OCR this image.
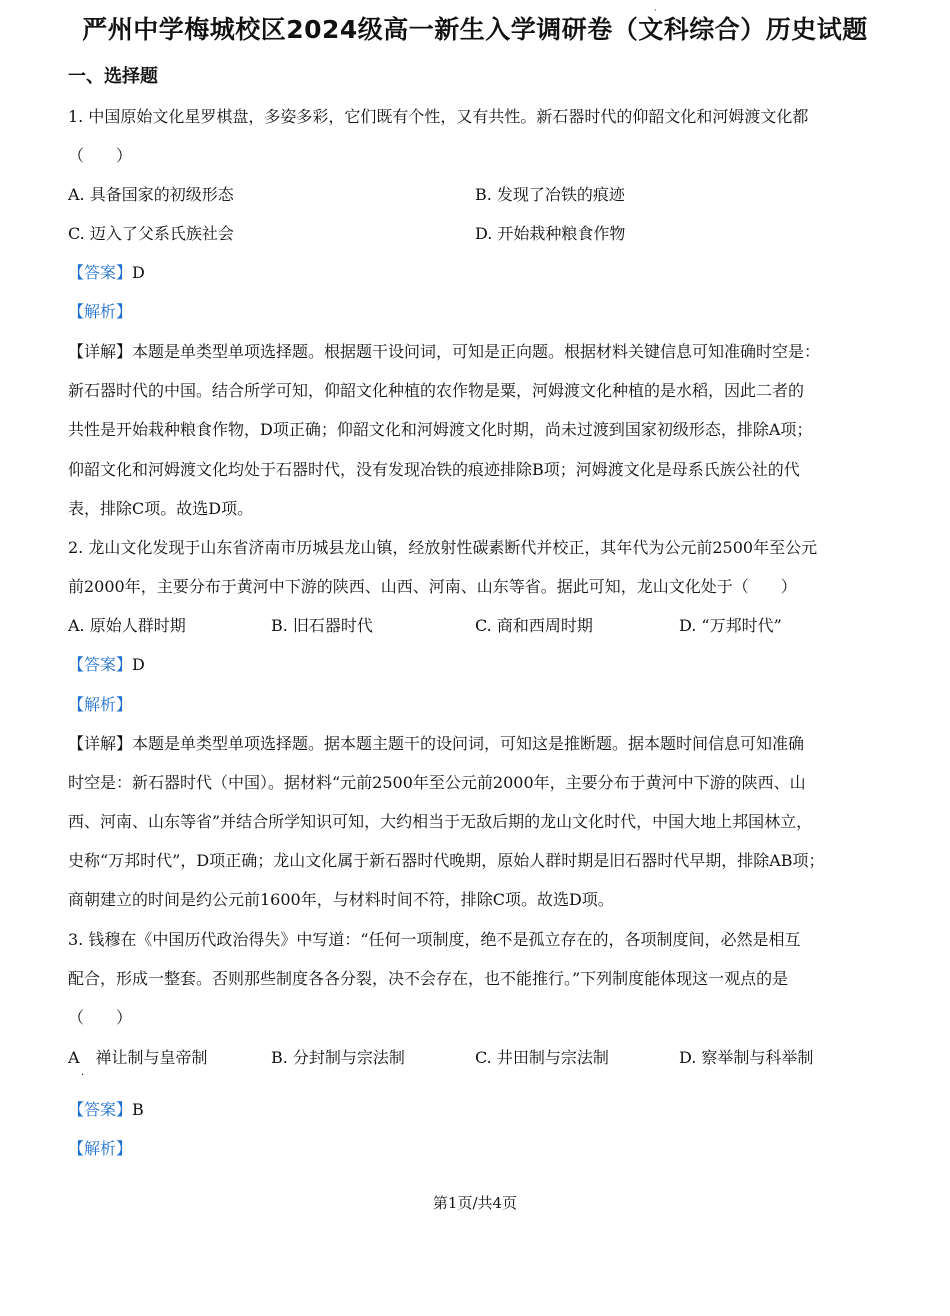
·
严州中学梅城校区2024级高一新生入学调研卷（文科综合）历史试题
一、选择题
1. 中国原始文化星罗棋盘，多姿多彩，它们既有个性，又有共性。新石器时代的仰韶文化和河姆渡文化都
（　　）
A. 具备国家的初级形态	B. 发现了冶铁的痕迹
C. 迈入了父系氏族社会	D. 开始栽种粮食作物
【答案】D
【解析】
【详解】本题是单类型单项选择题。根据题干设问词，可知是正向题。根据材料关键信息可知准确时空是：
新石器时代的中国。结合所学可知，仰韶文化种植的农作物是粟，河姆渡文化种植的是水稻，因此二者的
共性是开始栽种粮食作物，D项正确；仰韶文化和河姆渡文化时期，尚未过渡到国家初级形态，排除A项；
仰韶文化和河姆渡文化均处于石器时代，没有发现冶铁的痕迹排除B项；河姆渡文化是母系氏族公社的代
表，排除C项。故选D项。
2. 龙山文化发现于山东省济南市历城县龙山镇，经放射性碳素断代并校正，其年代为公元前2500年至公元
前2000年，主要分布于黄河中下游的陕西、山西、河南、山东等省。据此可知，龙山文化处于（　　）
A. 原始人群时期	B. 旧石器时代	C. 商和西周时期	D. “万邦时代”
【答案】D
【解析】
【详解】本题是单类型单项选择题。据本题主题干的设问词，可知这是推断题。据本题时间信息可知准确
时空是：新石器时代（中国）。据材料“元前2500年至公元前2000年，主要分布于黄河中下游的陕西、山
西、河南、山东等省”并结合所学知识可知，大约相当于无敌后期的龙山文化时代，中国大地上邦国林立，
史称“万邦时代”，D项正确；龙山文化属于新石器时代晚期，原始人群时期是旧石器时代早期，排除AB项；
商朝建立的时间是约公元前1600年，与材料时间不符，排除C项。故选D项。
3. 钱穆在《中国历代政治得失》中写道：“任何一项制度，绝不是孤立存在的，各项制度间，必然是相互
配合，形成一整套。否则那些制度各各分裂，决不会存在，也不能推行。”下列制度能体现这一观点的是
（　　）
A　禅让制与皇帝制
·
B. 分封制与宗法制	C. 井田制与宗法制	D. 察举制与科举制
【答案】B
【解析】
第1页/共4页
